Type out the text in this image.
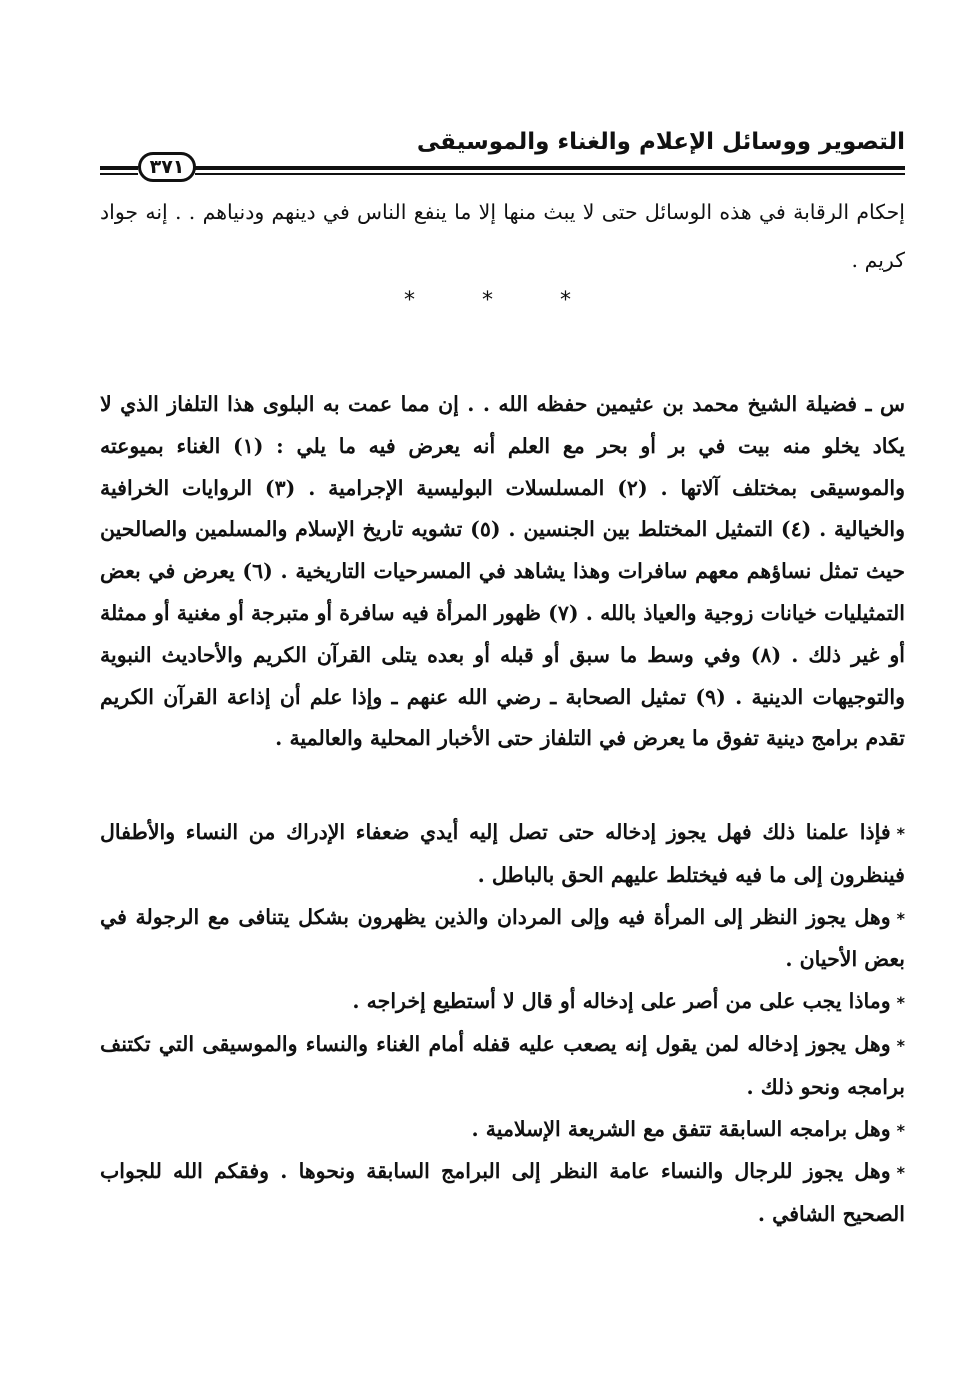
التصوير ووسائل الإعلام والغناء والموسيقى
٣٧١

إحكام الرقابة في هذه الوسائل حتى لا يبث منها إلا ما ينفع الناس في دينهم ودنياهم . . إنه جواد كريم .

* * *

س ـ فضيلة الشيخ محمد بن عثيمين حفظه الله . . إن مما عمت به البلوى هذا التلفاز الذي لا يكاد يخلو منه بيت في بر أو بحر مع العلم أنه يعرض فيه ما يلي : (١) الغناء بميوعته والموسيقى بمختلف آلاتها . (٢) المسلسلات البوليسية الإجرامية . (٣) الروايات الخرافية والخيالية . (٤) التمثيل المختلط بين الجنسين . (٥) تشويه تاريخ الإسلام والمسلمين والصالحين حيث تمثل نساؤهم معهم سافرات وهذا يشاهد في المسرحيات التاريخية . (٦) يعرض في بعض التمثيليات خيانات زوجية والعياذ بالله . (٧) ظهور المرأة فيه سافرة أو متبرجة أو مغنية أو ممثلة أو غير ذلك . (٨) وفي وسط ما سبق أو قبله أو بعده يتلى القرآن الكريم والأحاديث النبوية والتوجيهات الدينية . (٩) تمثيل الصحابة ـ رضي الله عنهم ـ وإذا علم أن إذاعة القرآن الكريم تقدم برامج دينية تفوق ما يعرض في التلفاز حتى الأخبار المحلية والعالمية .

*فإذا علمنا ذلك فهل يجوز إدخاله حتى تصل إليه أيدي ضعفاء الإدراك من النساء والأطفال فينظرون إلى ما فيه فيختلط عليهم الحق بالباطل .

*وهل يجوز النظر إلى المرأة فيه وإلى المردان والذين يظهرون بشكل يتنافى مع الرجولة في بعض الأحيان .

*وماذا يجب على من أصر على إدخاله أو قال لا أستطيع إخراجه .

*وهل يجوز إدخاله لمن يقول إنه يصعب عليه قفله أمام الغناء والنساء والموسيقى التي تكتنف برامجه ونحو ذلك .

*وهل برامجه السابقة تتفق مع الشريعة الإسلامية .

*وهل يجوز للرجال والنساء عامة النظر إلى البرامج السابقة ونحوها . وفقكم الله للجواب الصحيح الشافي .
